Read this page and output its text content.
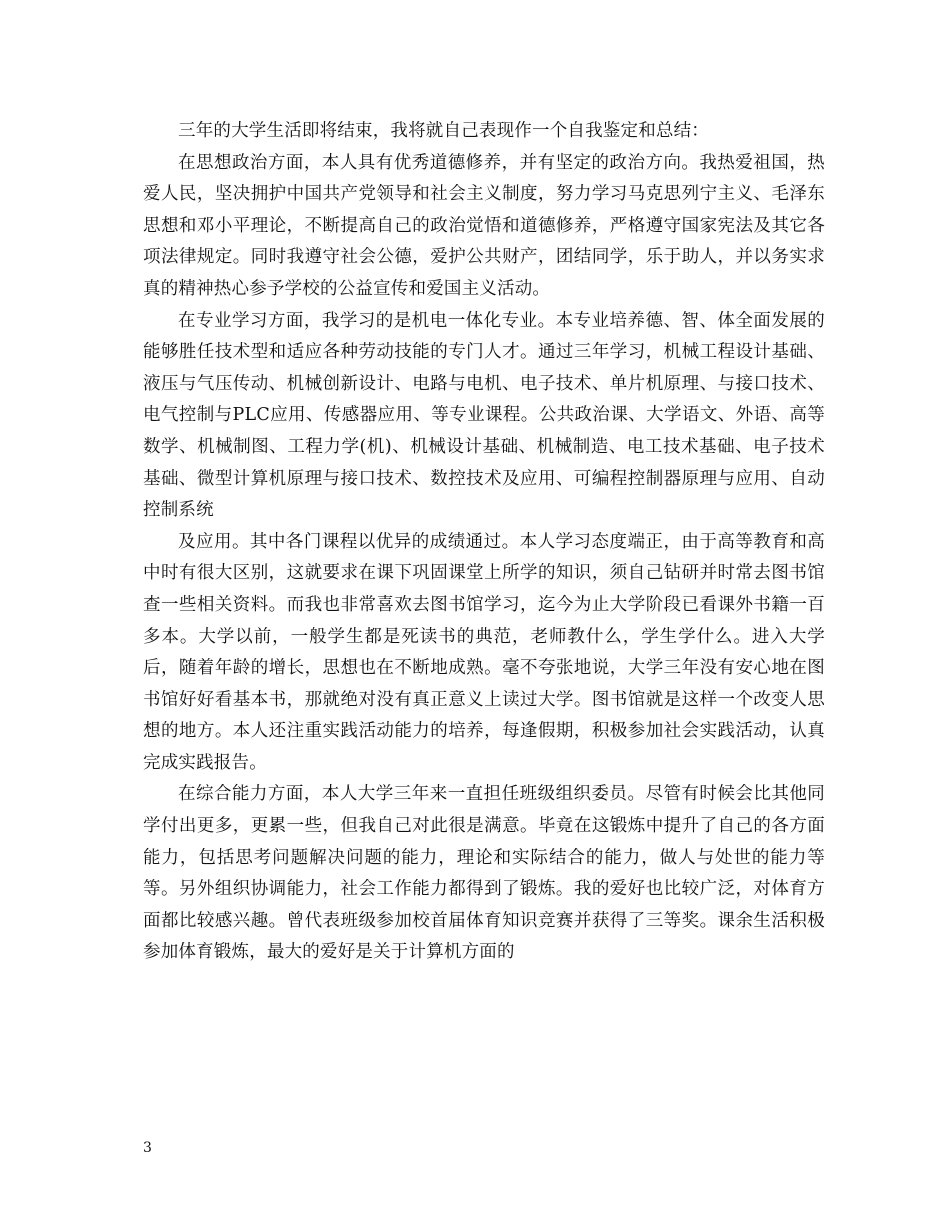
三年的大学生活即将结束，我将就自己表现作一个自我鉴定和总结：

在思想政治方面，本人具有优秀道德修养，并有坚定的政治方向。我热爱祖国，热爱人民，坚决拥护中国共产党领导和社会主义制度，努力学习马克思列宁主义、毛泽东思想和邓小平理论，不断提高自己的政治觉悟和道德修养，严格遵守国家宪法及其它各项法律规定。同时我遵守社会公德，爱护公共财产，团结同学，乐于助人，并以务实求真的精神热心参予学校的公益宣传和爱国主义活动。

在专业学习方面，我学习的是机电一体化专业。本专业培养德、智、体全面发展的能够胜任技术型和适应各种劳动技能的专门人才。通过三年学习，机械工程设计基础、液压与气压传动、机械创新设计、电路与电机、电子技术、单片机原理、与接口技术、电气控制与PLC应用、传感器应用、等专业课程。公共政治课、大学语文、外语、高等数学、机械制图、工程力学(机)、机械设计基础、机械制造、电工技术基础、电子技术基础、微型计算机原理与接口技术、数控技术及应用、可编程控制器原理与应用、自动控制系统

及应用。其中各门课程以优异的成绩通过。本人学习态度端正，由于高等教育和高中时有很大区别，这就要求在课下巩固课堂上所学的知识，须自己钻研并时常去图书馆查一些相关资料。而我也非常喜欢去图书馆学习，迄今为止大学阶段已看课外书籍一百多本。大学以前，一般学生都是死读书的典范，老师教什么，学生学什么。进入大学后，随着年龄的增长，思想也在不断地成熟。毫不夸张地说，大学三年没有安心地在图书馆好好看基本书，那就绝对没有真正意义上读过大学。图书馆就是这样一个改变人思想的地方。本人还注重实践活动能力的培养，每逢假期，积极参加社会实践活动，认真完成实践报告。

在综合能力方面，本人大学三年来一直担任班级组织委员。尽管有时候会比其他同学付出更多，更累一些，但我自己对此很是满意。毕竟在这锻炼中提升了自己的各方面能力，包括思考问题解决问题的能力，理论和实际结合的能力，做人与处世的能力等等。另外组织协调能力，社会工作能力都得到了锻炼。我的爱好也比较广泛，对体育方面都比较感兴趣。曾代表班级参加校首届体育知识竞赛并获得了三等奖。课余生活积极参加体育锻炼，最大的爱好是关于计算机方面的

3
